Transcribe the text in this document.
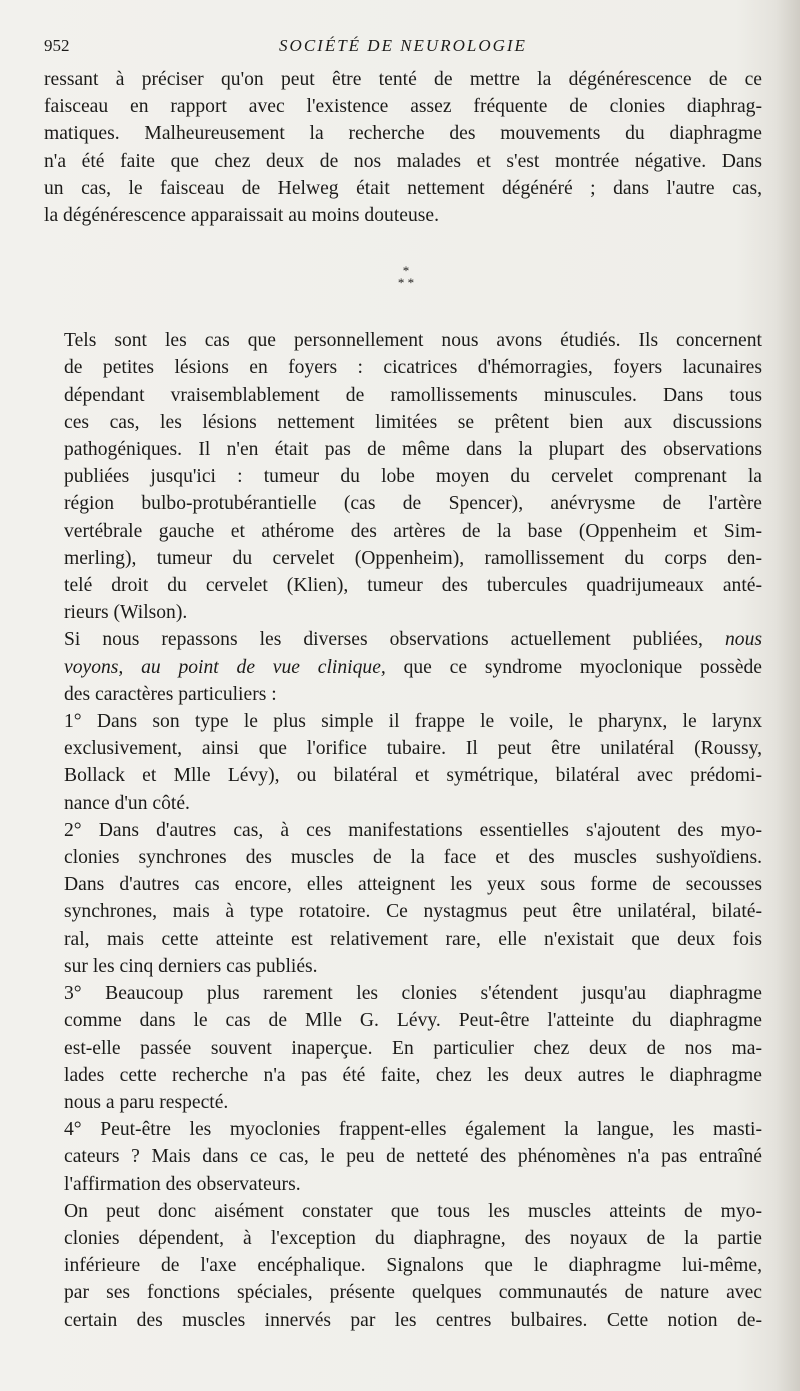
952	SOCIÉTÉ DE NEUROLOGIE

ressant à préciser qu'on peut être tenté de mettre la dégénérescence de ce
faisceau en rapport avec l'existence assez fréquente de clonies diaphrag-
matiques. Malheureusement la recherche des mouvements du diaphragme
n'a été faite que chez deux de nos malades et s'est montrée négative. Dans
un cas, le faisceau de Helweg était nettement dégénéré ; dans l'autre cas,
la dégénérescence apparaissait au moins douteuse.

*

* *

Tels sont les cas que personnellement nous avons étudiés. Ils concernent
de petites lésions en foyers : cicatrices d'hémorragies, foyers lacunaires
dépendant vraisemblablement de ramollissements minuscules. Dans tous
ces cas, les lésions nettement limitées se prêtent bien aux discussions
pathogéniques. Il n'en était pas de même dans la plupart des observations
publiées jusqu'ici : tumeur du lobe moyen du cervelet comprenant la
région bulbo-protubérantielle (cas de Spencer), anévrysme de l'artère
vertébrale gauche et athérome des artères de la base (Oppenheim et Sim-
merling), tumeur du cervelet (Oppenheim), ramollissement du corps den-
telé droit du cervelet (Klien), tumeur des tubercules quadrijumeaux anté-
rieurs (Wilson).

Si nous repassons les diverses observations actuellement publiées, nous
voyons, au point de vue clinique, que ce syndrome myoclonique possède
des caractères particuliers :

1° Dans son type le plus simple il frappe le voile, le pharynx, le larynx
exclusivement, ainsi que l'orifice tubaire. Il peut être unilatéral (Roussy,
Bollack et Mlle Lévy), ou bilatéral et symétrique, bilatéral avec prédomi-
nance d'un côté.

2° Dans d'autres cas, à ces manifestations essentielles s'ajoutent des myo-
clonies synchrones des muscles de la face et des muscles sushyoïdiens.
Dans d'autres cas encore, elles atteignent les yeux sous forme de secousses
synchrones, mais à type rotatoire. Ce nystagmus peut être unilatéral, bilaté-
ral, mais cette atteinte est relativement rare, elle n'existait que deux fois
sur les cinq derniers cas publiés.

3° Beaucoup plus rarement les clonies s'étendent jusqu'au diaphragme
comme dans le cas de Mlle G. Lévy. Peut-être l'atteinte du diaphragme
est-elle passée souvent inaperçue. En particulier chez deux de nos ma-
lades cette recherche n'a pas été faite, chez les deux autres le diaphragme
nous a paru respecté.

4° Peut-être les myoclonies frappent-elles également la langue, les masti-
cateurs ? Mais dans ce cas, le peu de netteté des phénomènes n'a pas entraîné
l'affirmation des observateurs.

On peut donc aisément constater que tous les muscles atteints de myo-
clonies dépendent, à l'exception du diaphragne, des noyaux de la partie
inférieure de l'axe encéphalique. Signalons que le diaphragme lui-même,
par ses fonctions spéciales, présente quelques communautés de nature avec
certain des muscles innervés par les centres bulbaires. Cette notion de-
